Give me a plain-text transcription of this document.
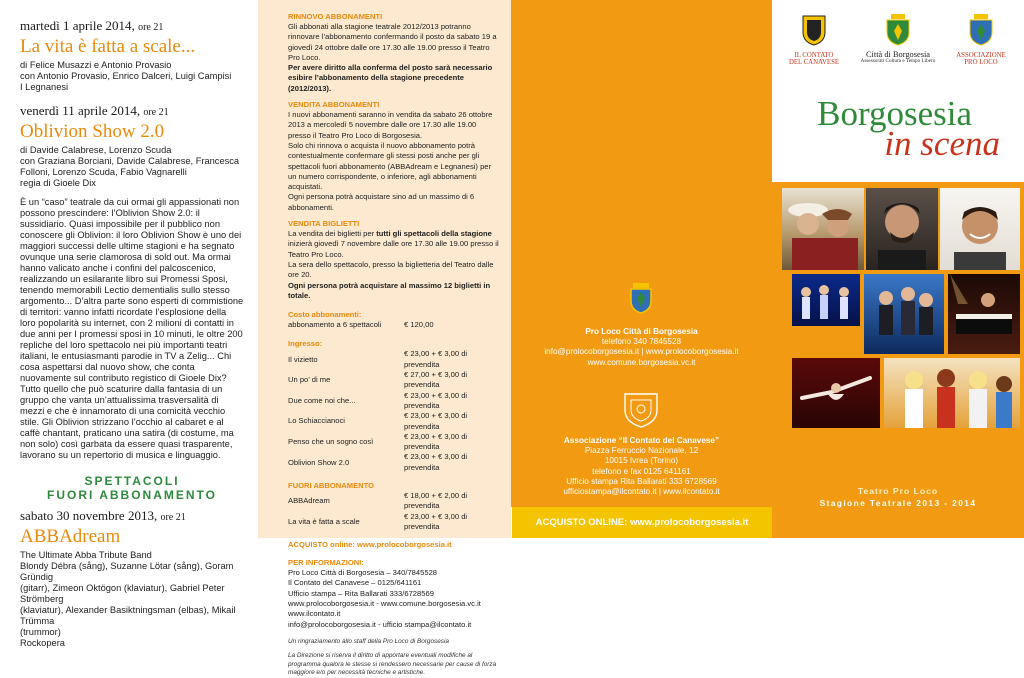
martedì 1 aprile 2014, ore 21
La vita è fatta a scale...
di Felice Musazzi e Antonio Provasio
con Antonio Provasio, Enrico Dalceri, Luigi Campisi
I Legnanesi
venerdì 11 aprile 2014, ore 21
Oblivion Show 2.0
di Davide Calabrese, Lorenzo Scuda
con Graziana Borciani, Davide Calabrese, Francesca
Folloni, Lorenzo Scuda, Fabio Vagnarelli
regia di Gioele Dix
È un “caso” teatrale da cui ormai gli appassionati non possono prescindere: l’Oblivion Show 2.0: il sussidiario. Quasi impossibile per il pubblico non conoscere gli Oblivion: il loro Oblivion Show è uno dei maggiori successi delle ultime stagioni e ha segnato ovunque una serie clamorosa di sold out. Ma ormai hanno valicato anche i confini del palcoscenico, realizzando un esilarante libro sui Promessi Sposi, tenendo memorabili Lectio dementialis sullo stesso argomento... D’altra parte sono esperti di commistione di territori: vanno infatti ricordate l’esplosione della loro popolarità su internet, con 2 milioni di contatti in due anni per I promessi sposi in 10 minuti, le oltre 200 repliche del loro spettacolo nei più importanti teatri italiani, le entusiasmanti parodie in TV a Zelig... Chi cosa aspettarsi dal nuovo show, che conta nuovamente sul contributo registico di Gioele Dix? Tutto quello che può scaturire dalla fantasia di un gruppo che vanta un’attualissima trasversalità di mezzi e che è innamorato di una comicità vecchio stile. Gli Oblivion strizzano l’occhio al cabaret e al caffè chantant, praticano una satira (di costume, ma non solo) così garbata da essere quasi trasparente, lavorano su un repertorio di musica e linguaggio.
SPETTACOLI
FUORI ABBONAMENTO
sabato 30 novembre 2013, ore 21
ABBAdream
The Ultimate Abba Tribute Band
Blondy Débra (sång), Suzanne Lötar (sång), Goram Gründig
(gitarr), Zimeon Oktögon (klaviatur), Gabriel Peter Strömberg
(klaviatur), Alexander Basiktningsman (elbas), Mikail Trümma
(trummor)
Rockopera
RINNOVO ABBONAMENTI
Gli abbonati alla stagione teatrale 2012/2013 potranno rinnovare l’abbonamento confermando il posto da sabato 19 a giovedì 24 ottobre dalle ore 17.30 alle 19.00 presso il Teatro Pro Loco.
Per avere diritto alla conferma del posto sarà necessario esibire l’abbonamento della stagione precedente (2012/2013).
VENDITA ABBONAMENTI
I nuovi abbonamenti saranno in vendita da sabato 26 ottobre 2013 a mercoledì 5 novembre dalle ore 17.30 alle 19.00 presso il Teatro Pro Loco di Borgosesia.
Solo chi rinnova o acquista il nuovo abbonamento potrà contestualmente confermare gli stessi posti anche per gli spettacoli fuori abbonamento (ABBAdream e Legnanesi) per un numero corrispondente, o inferiore, agli abbonamenti acquistati.
Ogni persona potrà acquistare sino ad un massimo di 6 abbonamenti.
VENDITA BIGLIETTI
La vendita dei biglietti per tutti gli spettacoli della stagione inizierà giovedì 7 novembre dalle ore 17.30 alle 19.00 presso il Teatro Pro Loco.
La sera dello spettacolo, presso la biglietteria del Teatro dalle ore 20.
Ogni persona potrà acquistare al massimo 12 biglietti in totale.
Costo abbonamenti:
abbonamento a 6 spettacoli	€ 120,00
Ingresso:
Il vizietto	€ 23,00 + € 3,00 di prevendita
Un po’ di me	€ 27,00 + € 3,00 di prevendita
Due come noi che...	€ 23,00 + € 3,00 di prevendita
Lo Schiaccianoci	€ 23,00 + € 3,00 di prevendita
Penso che un sogno così	€ 23,00 + € 3,00 di prevendita
Oblivion Show 2.0	€ 23,00 + € 3,00 di prevendita
FUORI ABBONAMENTO
ABBAdream	€ 18,00 + € 2,00 di prevendita
La vita è fatta a scale	€ 23,00 + € 3,00 di prevendita
ACQUISTO online: www.prolocoborgosesia.it
PER INFORMAZIONI:
Pro Loco Città di Borgosesia – 340/7845528
Il Contato del Canavese – 0125/641161
Ufficio stampa – Rita Ballarati 333/6728569
www.prolocoborgosesia.it - www.comune.borgosesia.vc.it
www.ilcontato.it
info@prolocoborgosesia.it - ufficio stampa@ilcontato.it
Un ringraziamento allo staff della Pro Loco di Borgosesia
La Direzione si riserva il diritto di apportare eventuali modifiche al programma qualora le stesse si rendessero necessarie per cause di forza maggiore e/o per necessità tecniche e artistiche.
Pro Loco Città di Borgosesia
telefono 340 7845528
info@prolocoborgosesia.it | www.prolocoborgosesia.it
www.comune.borgosesia.vc.it
Associazione “Il Contato del Canavese”
Piazza Ferruccio Nazionale, 12
10015 Ivrea (Torino)
telefono e fax 0125 641161
Ufficio stampa Rita Ballarati 333 6728569
ufficiostampa@ilcontato.it | www.ilcontato.it
ACQUISTO ONLINE: www.prolocoborgosesia.it
IL CONTATO
DEL CANAVESE
Città di Borgosesia
Assessorati Cultura e Tempo Libero
ASSOCIAZIONE
PRO LOCO
Borgosesia
in scena
Teatro Pro Loco
Stagione Teatrale 2013 - 2014
